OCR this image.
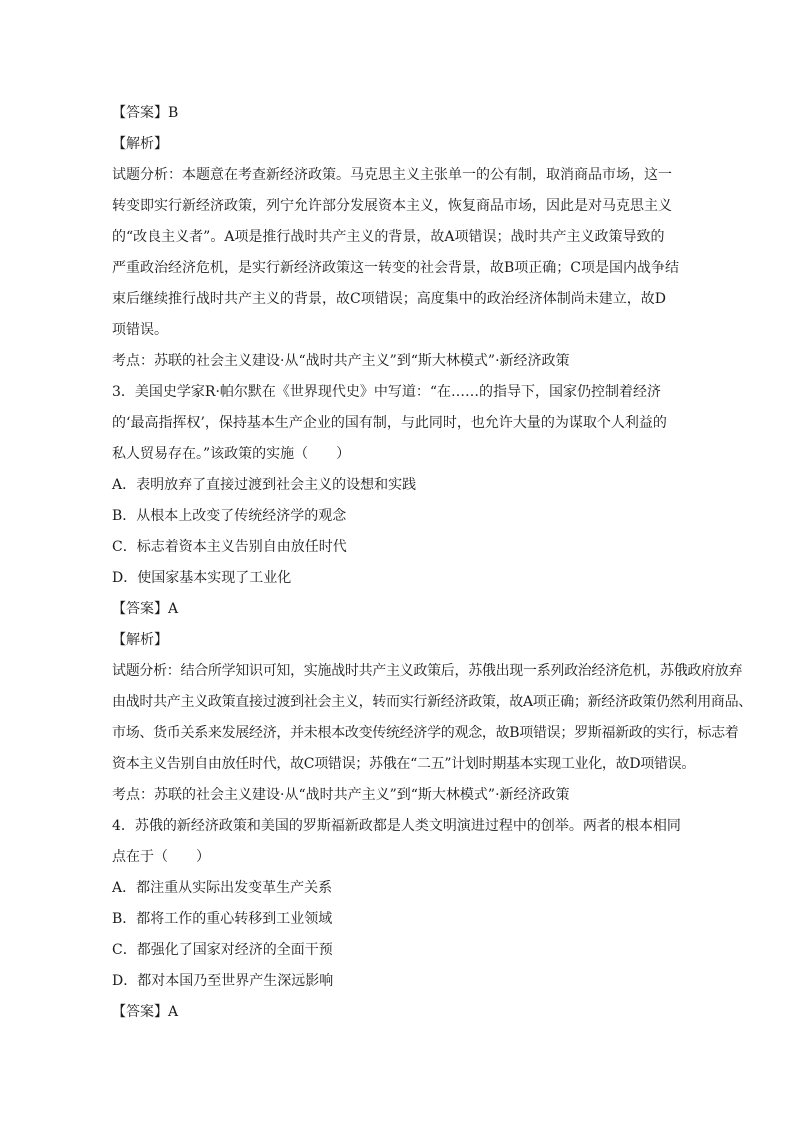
【答案】B
【解析】
试题分析：本题意在考查新经济政策。马克思主义主张单一的公有制，取消商品市场，这一
转变即实行新经济政策，列宁允许部分发展资本主义，恢复商品市场，因此是对马克思主义
的“改良主义者”。A项是推行战时共产主义的背景，故A项错误；战时共产主义政策导致的
严重政治经济危机，是实行新经济政策这一转变的社会背景，故B项正确；C项是国内战争结
束后继续推行战时共产主义的背景，故C项错误；高度集中的政治经济体制尚未建立，故D
项错误。
考点：苏联的社会主义建设·从“战时共产主义”到“斯大林模式”·新经济政策
3．美国史学家R·帕尔默在《世界现代史》中写道：“在……的指导下，国家仍控制着经济
的‘最高指挥权’，保持基本生产企业的国有制，与此同时，也允许大量的为谋取个人利益的
私人贸易存在。”该政策的实施（　　）
A．表明放弃了直接过渡到社会主义的设想和实践
B．从根本上改变了传统经济学的观念
C．标志着资本主义告别自由放任时代
D．使国家基本实现了工业化
【答案】A
【解析】
试题分析：结合所学知识可知，实施战时共产主义政策后，苏俄出现一系列政治经济危机，苏俄政府放弃
由战时共产主义政策直接过渡到社会主义，转而实行新经济政策，故A项正确；新经济政策仍然利用商品、
市场、货币关系来发展经济，并未根本改变传统经济学的观念，故B项错误；罗斯福新政的实行，标志着
资本主义告别自由放任时代，故C项错误；苏俄在“二五”计划时期基本实现工业化，故D项错误。
考点：苏联的社会主义建设·从“战时共产主义”到“斯大林模式”·新经济政策
4．苏俄的新经济政策和美国的罗斯福新政都是人类文明演进过程中的创举。两者的根本相同
点在于（　　）
A．都注重从实际出发变革生产关系
B．都将工作的重心转移到工业领域
C．都强化了国家对经济的全面干预
D．都对本国乃至世界产生深远影响
【答案】A
